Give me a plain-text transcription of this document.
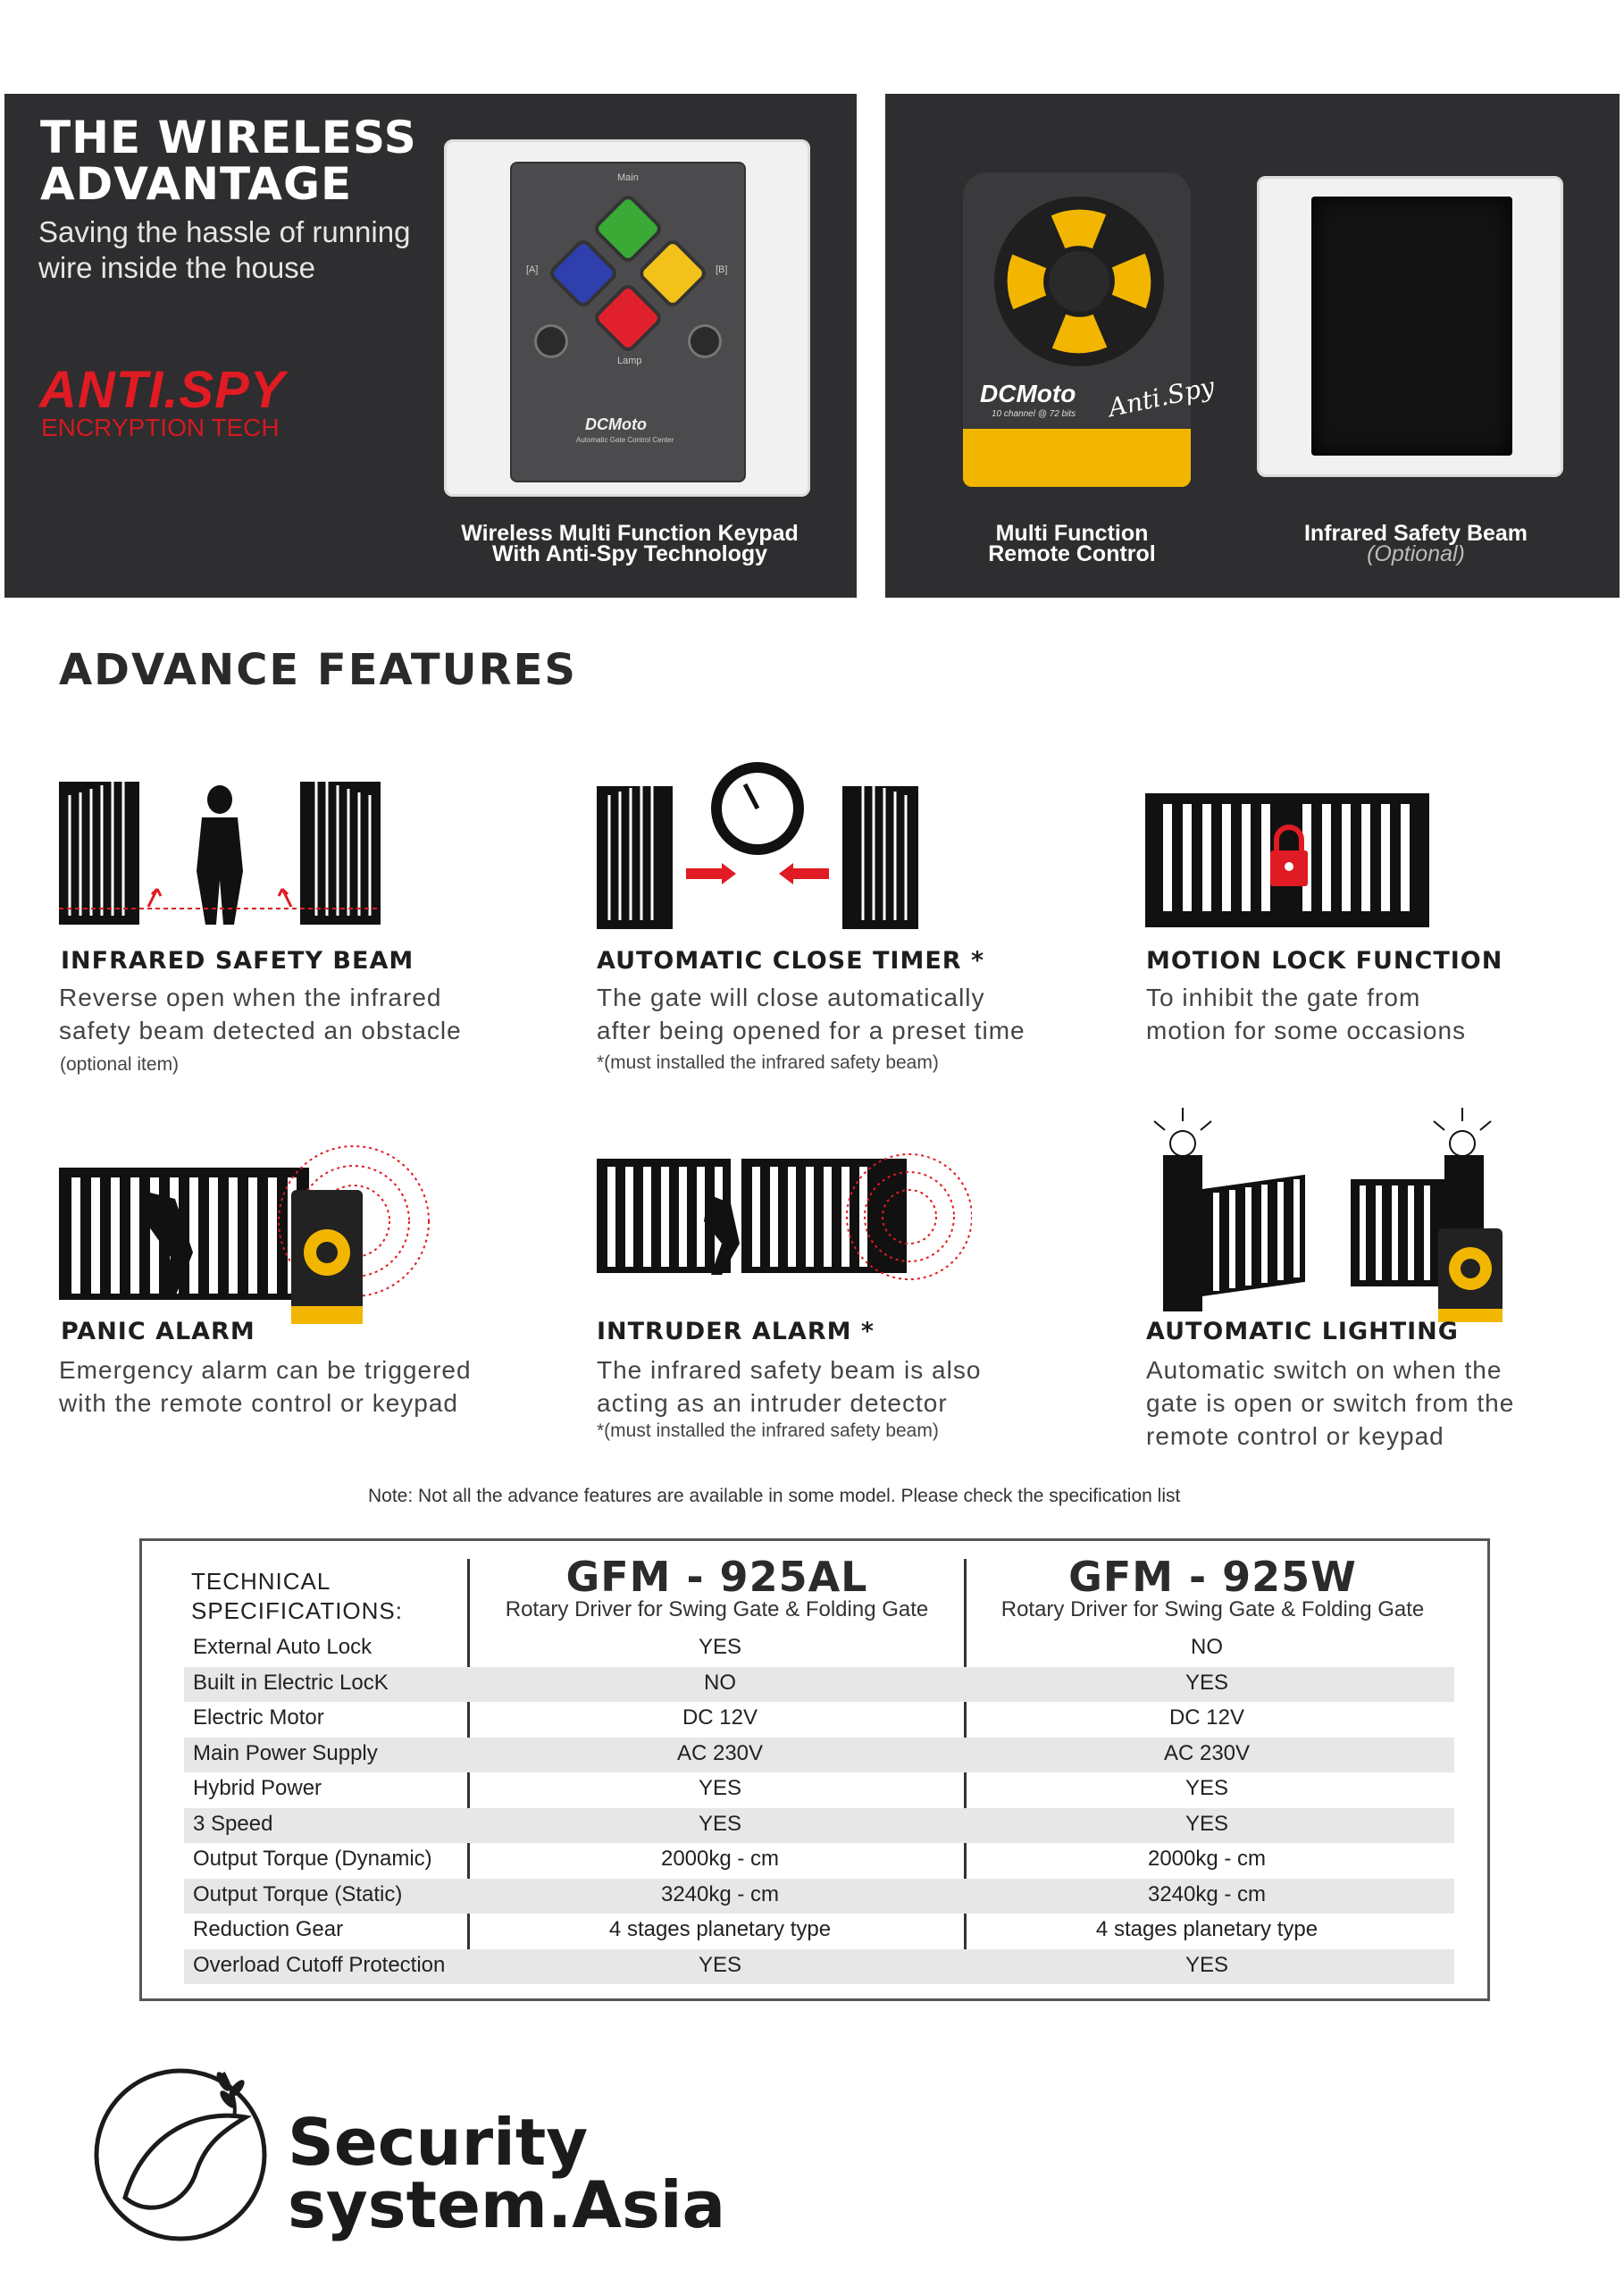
THE WIRELESS
ADVANTAGE
Saving the hassle of running wire inside the house
ANTI.SPY
ENCRYPTION TECH
Main
[A]	[B]
Lamp
DCMoto
Automatic Gate Control Center
Wireless Multi Function Keypad
With Anti-Spy Technology
DCMoto
10 channel @ 72 bits Anti.Spy
Multi Function
Remote Control
Infrared Safety Beam
(Optional)
ADVANCE FEATURES
INFRARED SAFETY BEAM
Reverse open when the infrared
safety beam detected an obstacle
(optional item)
AUTOMATIC CLOSE TIMER *
The gate will close automatically
after being opened for a preset time
*(must installed the infrared safety beam)
MOTION LOCK FUNCTION
To inhibit the gate from
motion for some occasions
PANIC ALARM
Emergency alarm can be triggered
with the remote control or keypad
INTRUDER ALARM *
The infrared safety beam is also
acting as an intruder detector
*(must installed the infrared safety beam)
AUTOMATIC LIGHTING
Automatic switch on when the
gate is open or switch from the
remote control or keypad
Note: Not all the advance features are available in some model. Please check the specification list
TECHNICAL
SPECIFICATIONS:
GFM - 925AL
Rotary Driver for Swing Gate & Folding Gate
GFM - 925W
Rotary Driver for Swing Gate & Folding Gate
External Auto Lock	YES	NO
Built in Electric LocK	NO	YES
Electric Motor	DC 12V	DC 12V
Main Power Supply	AC 230V	AC 230V
Hybrid Power	YES	YES
3 Speed	YES	YES
Output Torque (Dynamic)	2000kg - cm	2000kg - cm
Output Torque (Static)	3240kg - cm	3240kg - cm
Reduction Gear	4 stages planetary type	4 stages planetary type
Overload Cutoff Protection	YES	YES
Security
system.Asia
